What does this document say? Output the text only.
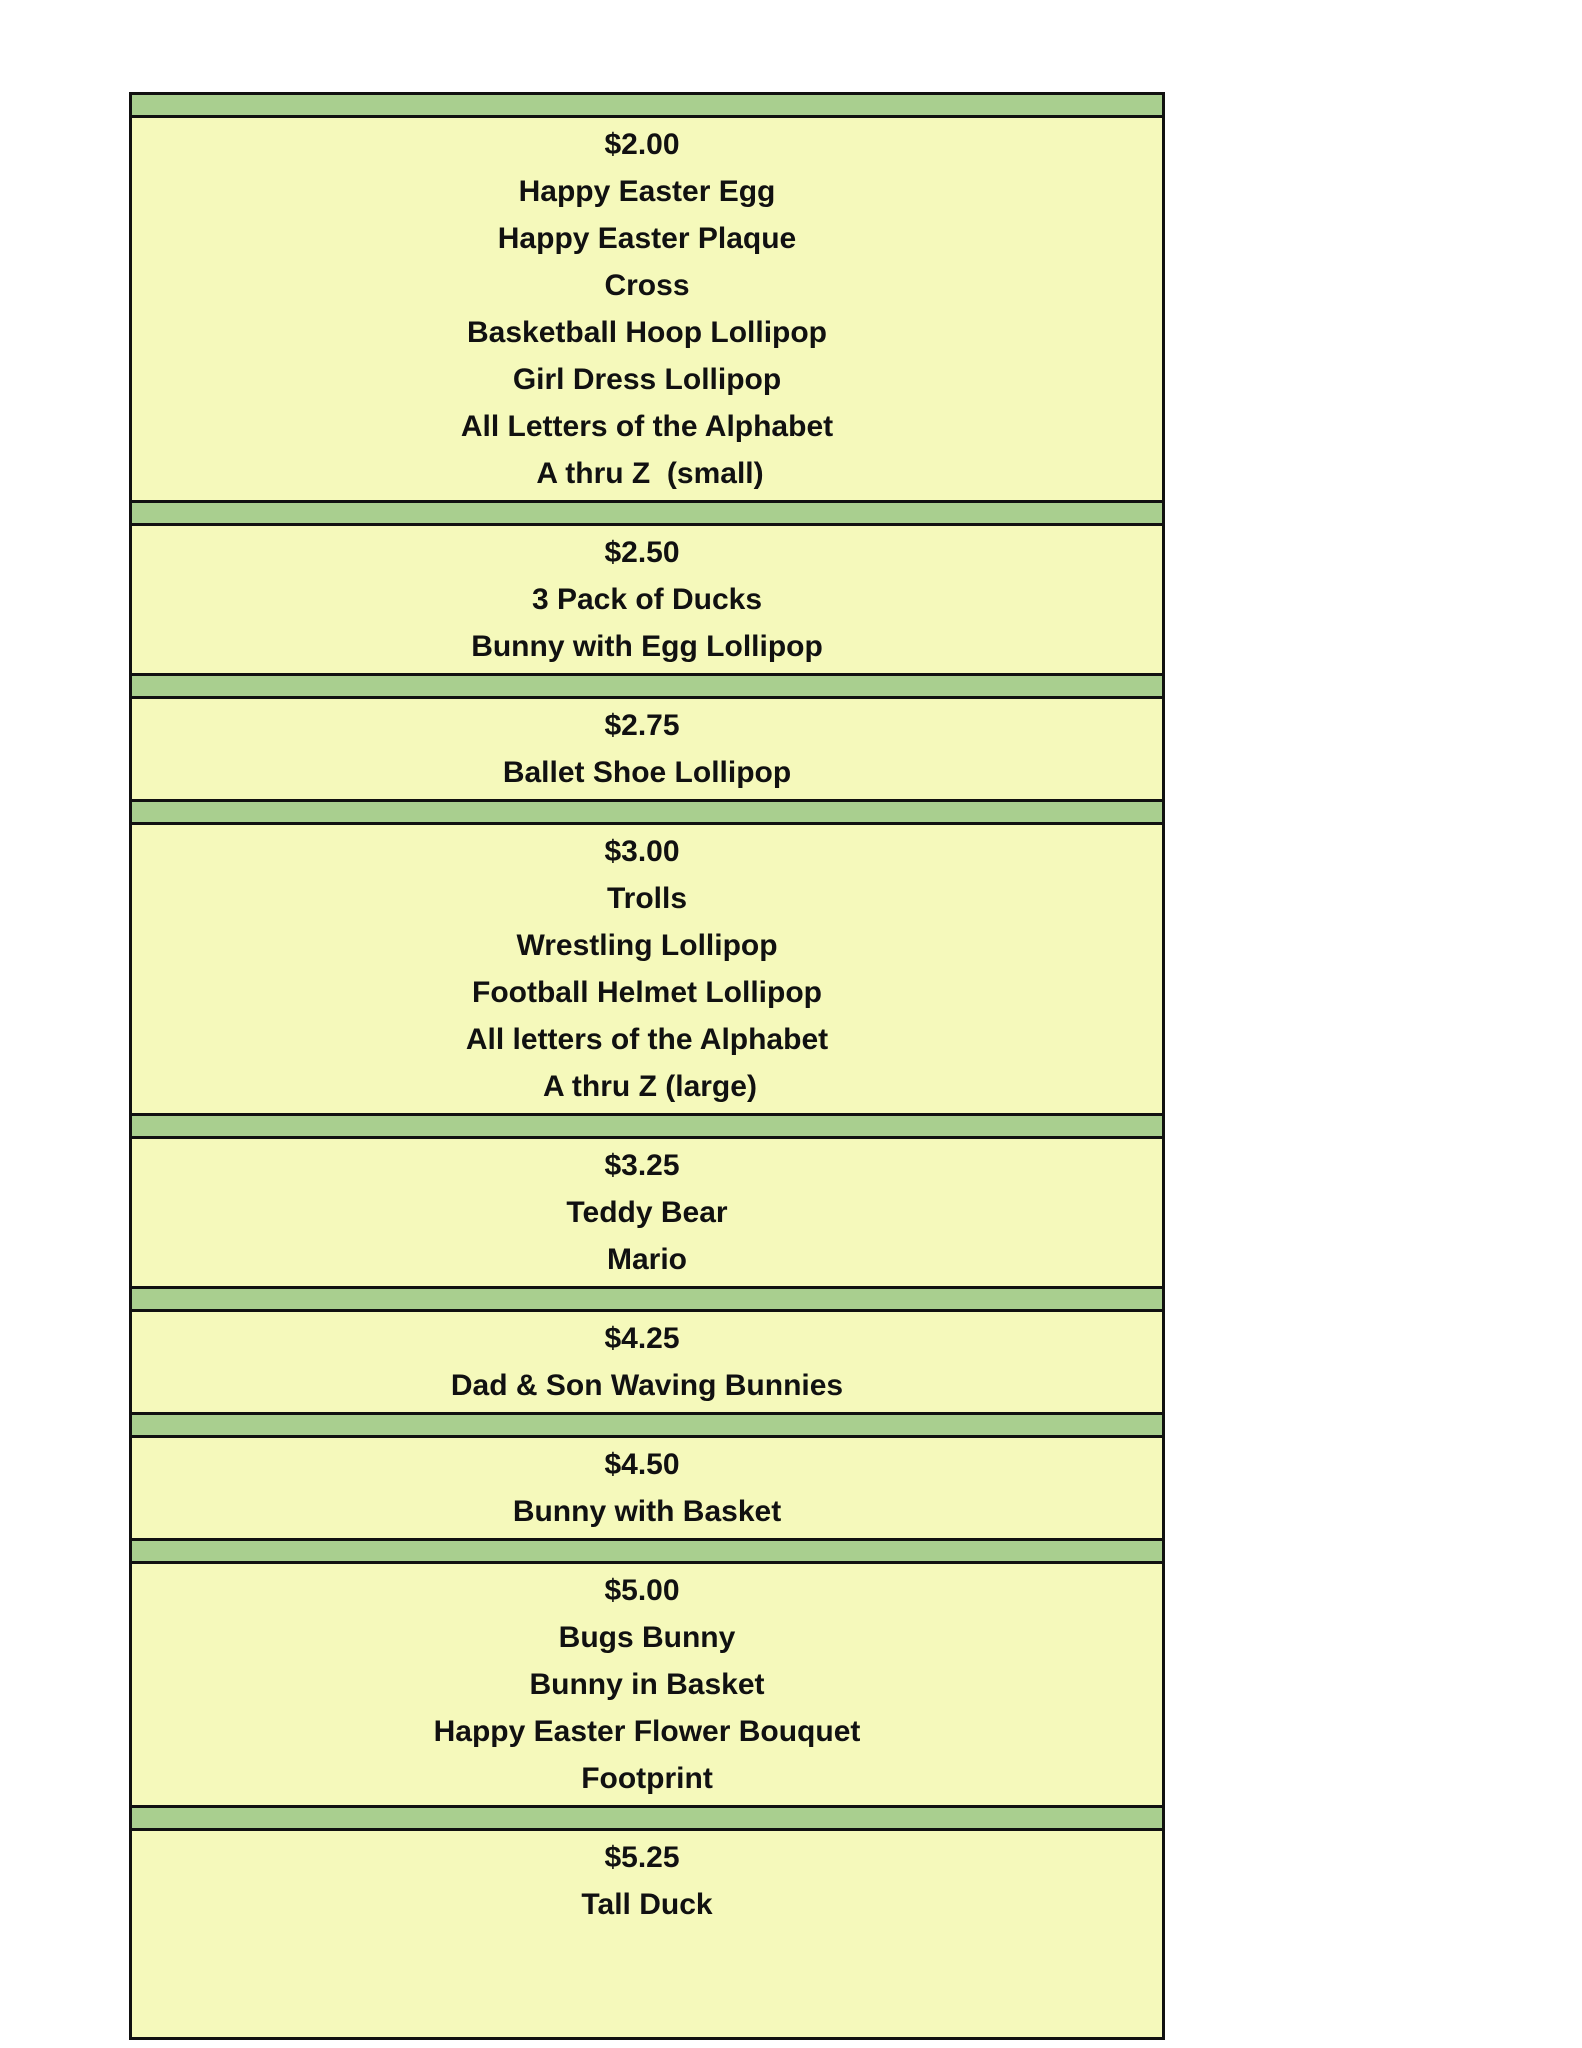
$2.00
Happy Easter Egg
Happy Easter Plaque
Cross
Basketball Hoop Lollipop
Girl Dress Lollipop
All Letters of the Alphabet
A thru Z  (small)
$2.50
3 Pack of Ducks
Bunny with Egg Lollipop
$2.75
Ballet Shoe Lollipop
$3.00
Trolls
Wrestling Lollipop
Football Helmet Lollipop
All letters of the Alphabet
A thru Z (large)
$3.25
Teddy Bear
Mario
$4.25
Dad & Son Waving Bunnies
$4.50
Bunny with Basket
$5.00
Bugs Bunny
Bunny in Basket
Happy Easter Flower Bouquet
Footprint
$5.25
Tall Duck
